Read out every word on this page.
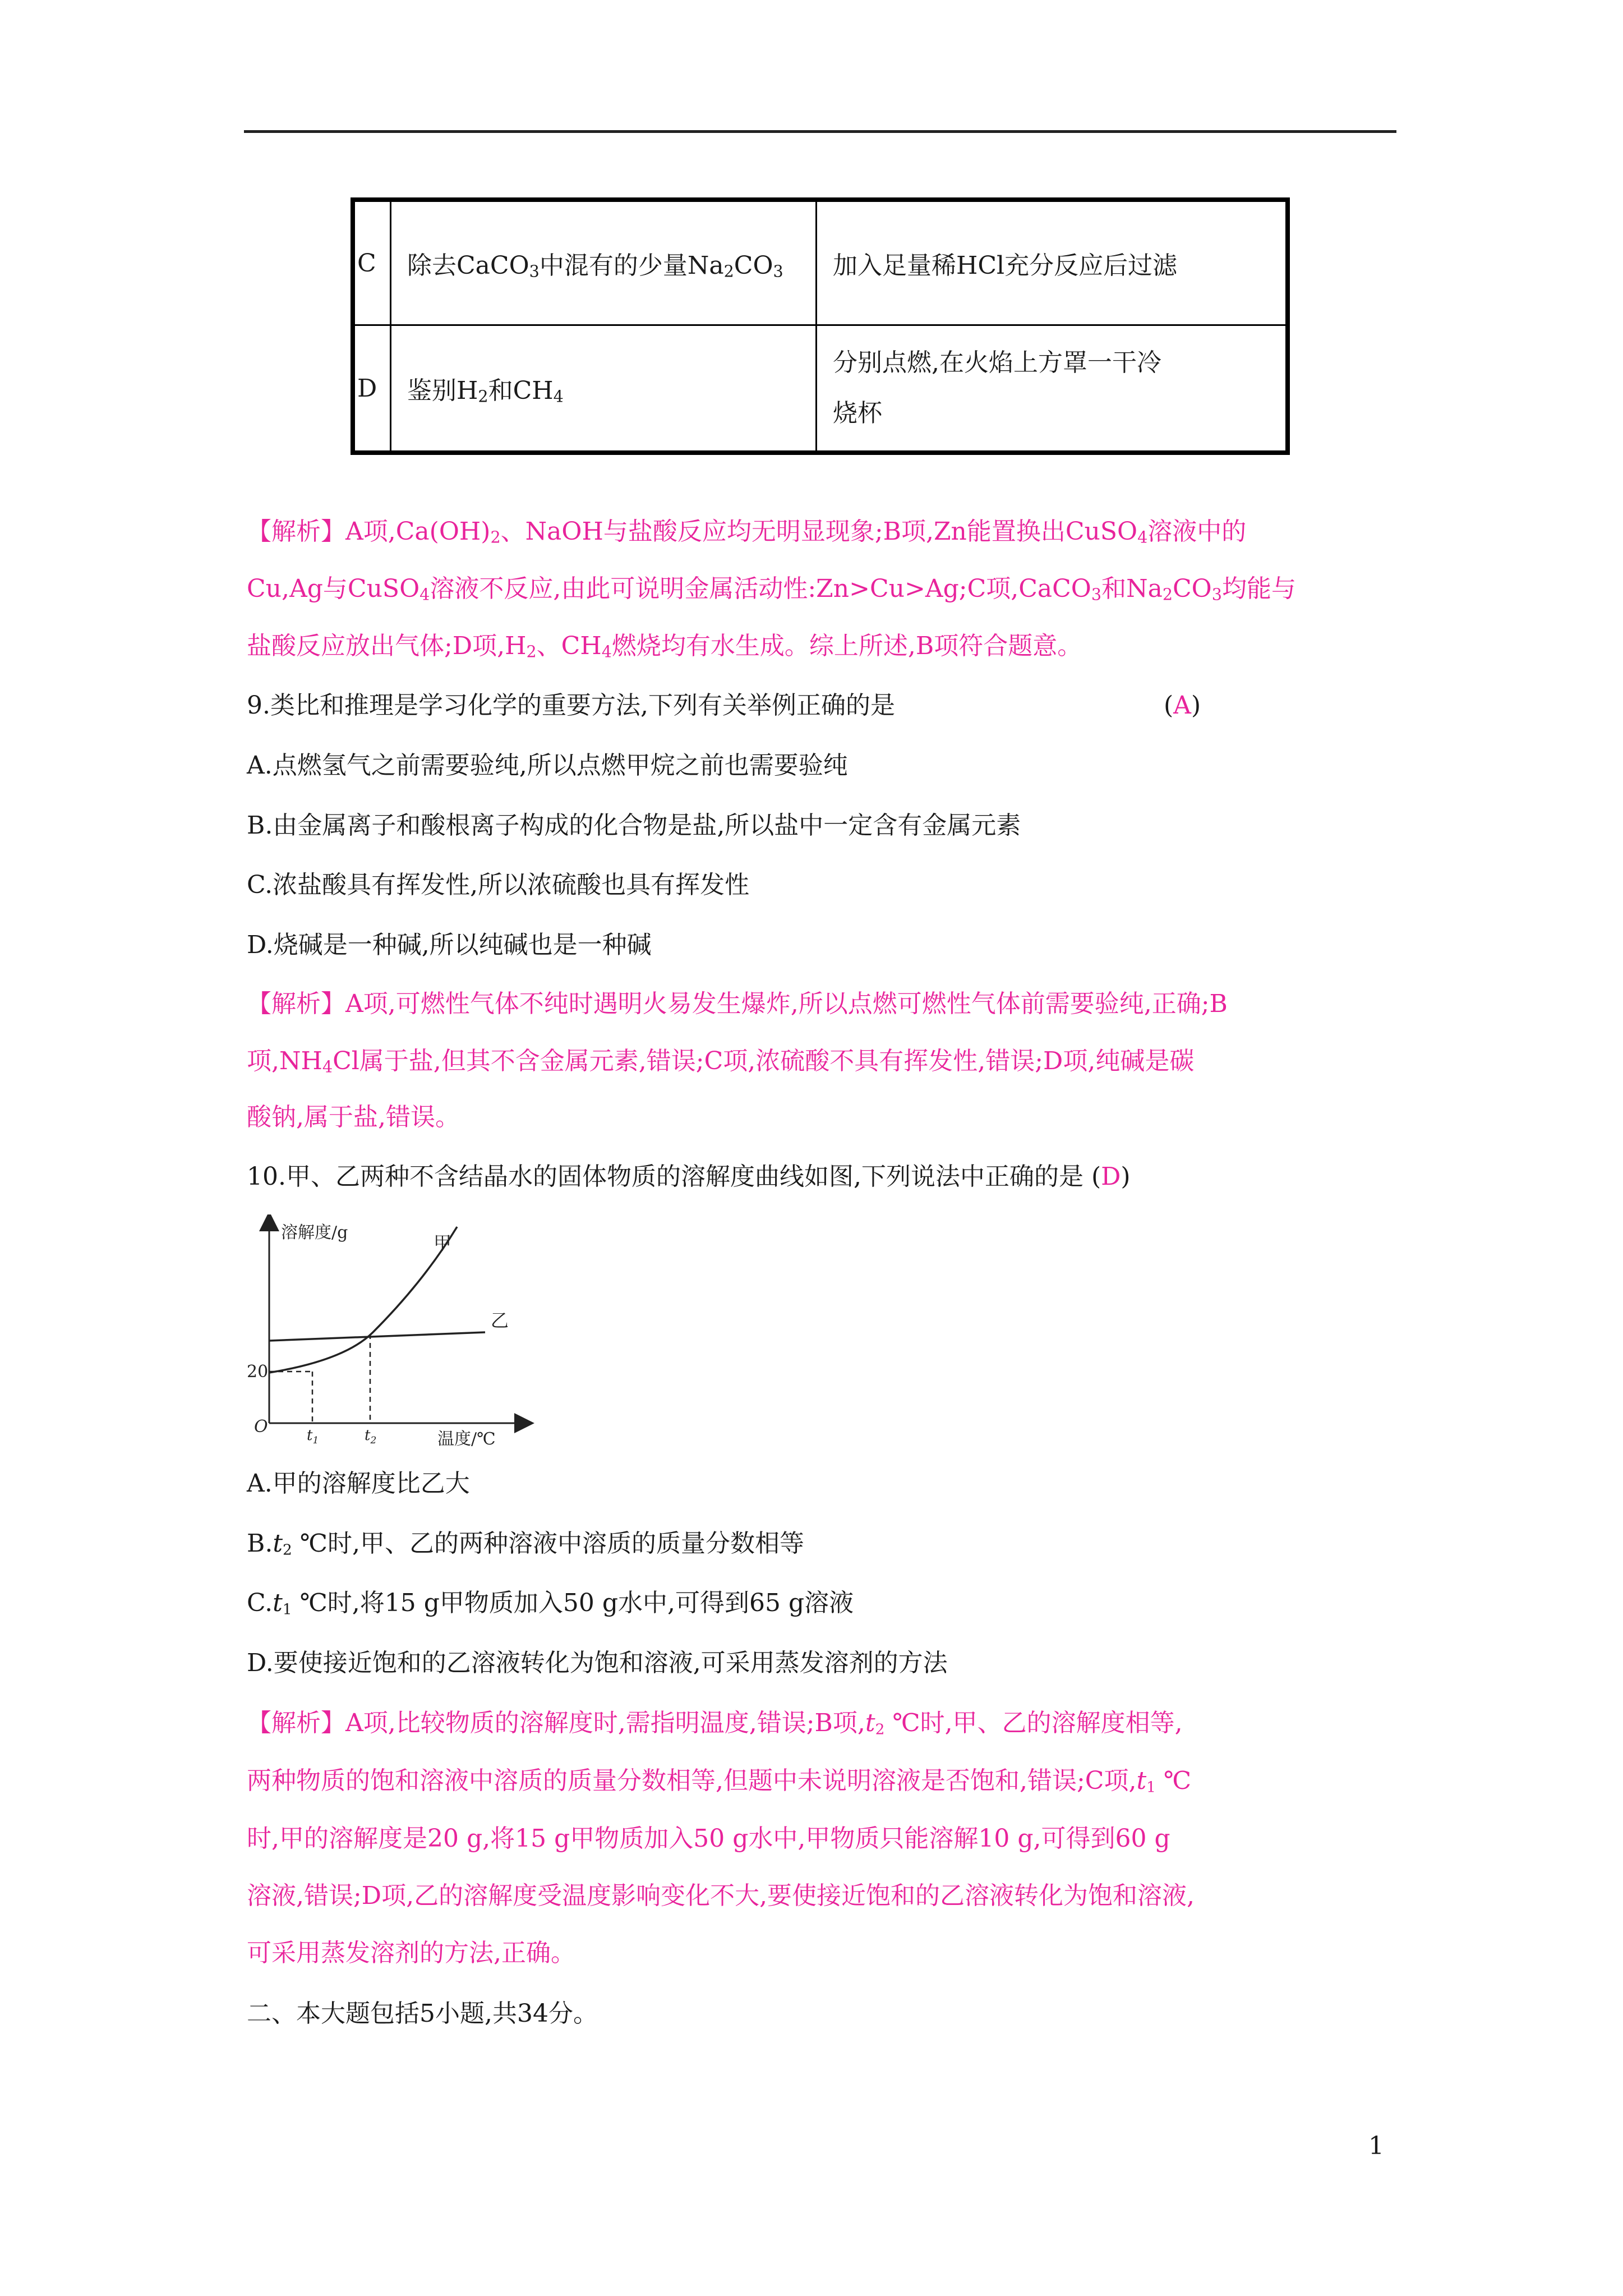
C	除去CaCO$_3$中混有的少量$Na_2CO_3$	加入足量稀HCl充分反应后过滤
D	鉴别$H_2$和$CH_4$	分别点燃,在火焰上方罩一干冷
烧杯
【解析】A项$,Ca(OH)_2$、NaOH与盐酸反应均无明显现象;B项,Zn能置换出CuSO$_4$溶液中的
Cu,Ag与CuSO$_4$溶液不反应,由此可说明金属活动性:Zn>Cu>Ag;C项,CaCO$_3$和$Na_2CO_3$均能与
盐酸反应放出气体;D项$,H_2$、$CH_4$燃烧均有水生成。综上所述,B项符合题意。
9.类比和推理是学习化学的重要方法,下列有关举例正确的是	(A)
A.点燃氢气之前需要验纯,所以点燃甲烷之前也需要验纯
B.由金属离子和酸根离子构成的化合物是盐,所以盐中一定含有金属元素
C.浓盐酸具有挥发性,所以浓硫酸也具有挥发性
D.烧碱是一种碱,所以纯碱也是一种碱
【解析】A项,可燃性气体不纯时遇明火易发生爆炸,所以点燃可燃性气体前需要验纯,正确;B
项$,NH_4Cl$属于盐,但其不含金属元素,错误;C项,浓硫酸不具有挥发性,错误;D项,纯碱是碳
酸钠,属于盐,错误。
10.甲、乙两种不含结晶水的固体物质的溶解度曲线如图,下列说法中正确的是 (D)
溶解度/g
温度/℃
O
20
$t_1$	$t_2$
甲
乙
A.甲的溶解度比乙大
$B.t_2$ ℃时,甲、乙的两种溶液中溶质的质量分数相等
$C.t_1$ ℃时,将15 g甲物质加入50 g水中,可得到65 g溶液
D.要使接近饱和的乙溶液转化为饱和溶液,可采用蒸发溶剂的方法
【解析】A项,比较物质的溶解度时,需指明温度,错误;B项$,t_2$ ℃时,甲、乙的溶解度相等,
两种物质的饱和溶液中溶质的质量分数相等,但题中未说明溶液是否饱和,错误;C项$,t_1$ ℃
时,甲的溶解度是20 g,将15 g甲物质加入50 g水中,甲物质只能溶解10 g,可得到60 g
溶液,错误;D项,乙的溶解度受温度影响变化不大,要使接近饱和的乙溶液转化为饱和溶液,
可采用蒸发溶剂的方法,正确。
二、本大题包括5小题,共34分。
1
